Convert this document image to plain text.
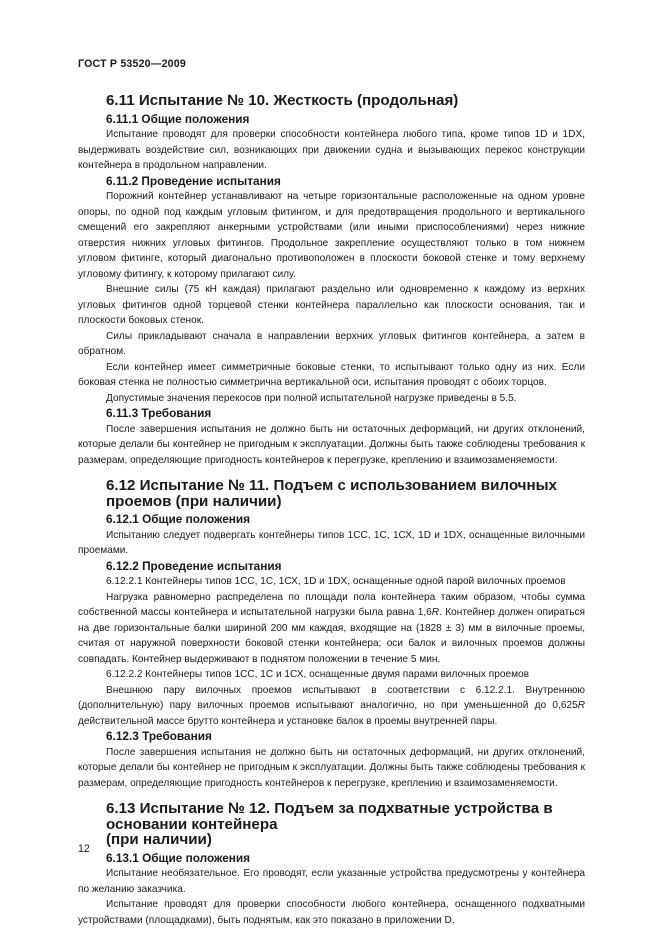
ГОСТ Р 53520—2009

6.11 Испытание № 10. Жесткость (продольная)
6.11.1 Общие положения

Испытание проводят для проверки способности контейнера любого типа, кроме типов 1D и 1DX, выдерживать воздействие сил, возникающих при движении судна и вызывающих перекос конструкции контейнера в продольном направлении.

6.11.2 Проведение испытания

Порожний контейнер устанавливают на четыре горизонтальные расположенные на одном уровне опоры, по одной под каждым угловым фитингом, и для предотвращения продольного и вертикального смещений его закрепляют анкерными устройствами (или иными приспособлениями) через нижние отверстия нижних угловых фитингов. Продольное закрепление осуществляют только в том нижнем угловом фитинге, который диагонально противоположен в плоскости боковой стенке и тому верхнему угловому фитингу, к которому прилагают силу.

Внешние силы (75 кН каждая) прилагают раздельно или одновременно к каждому из верхних угловых фитингов одной торцевой стенки контейнера параллельно как плоскости основания, так и плоскости боковых стенок.

Силы прикладывают сначала в направлении верхних угловых фитингов контейнера, а затем в обратном.

Если контейнер имеет симметричные боковые стенки, то испытывают только одну из них. Если боковая стенка не полностью симметрична вертикальной оси, испытания проводят с обоих торцов.

Допустимые значения перекосов при полной испытательной нагрузке приведены в 5.5.

6.11.3 Требования

После завершения испытания не должно быть ни остаточных деформаций, ни других отклонений, которые делали бы контейнер не пригодным к эксплуатации. Должны быть также соблюдены требования к размерам, определяющие пригодность контейнеров к перегрузке, креплению и взаимозаменяемости.

6.12 Испытание № 11. Подъем с использованием вилочных проемов (при наличии)
6.12.1 Общие положения

Испытанию следует подвергать контейнеры типов 1СС, 1С, 1СХ, 1D и 1DX, оснащенные вилочными проемами.

6.12.2 Проведение испытания

6.12.2.1 Контейнеры типов 1СС, 1С, 1СХ, 1D и 1DX, оснащенные одной парой вилочных проемов

Нагрузка равномерно распределена по площади пола контейнера таким образом, чтобы сумма собственной массы контейнера и испытательной нагрузки была равна 1,6R. Контейнер должен опираться на две горизонтальные балки шириной 200 мм каждая, входящие на (1828 ± 3) мм в вилочные проемы, считая от наружной поверхности боковой стенки контейнера; оси балок и вилочных проемов должны совпадать. Контейнер выдерживают в поднятом положении в течение 5 мин.

6.12.2.2 Контейнеры типов 1СС, 1С и 1СХ, оснащенные двумя парами вилочных проемов

Внешнюю пару вилочных проемов испытывают в соответствии с 6.12.2.1. Внутреннюю (дополнительную) пару вилочных проемов испытывают аналогично, но при уменьшенной до 0,625R действительной массе брутто контейнера и установке балок в проемы внутренней пары.

6.12.3 Требования

После завершения испытания не должно быть ни остаточных деформаций, ни других отклонений, которые делали бы контейнер не пригодным к эксплуатации. Должны быть также соблюдены требования к размерам, определяющие пригодность контейнеров к перегрузке, креплению и взаимозаменяемости.

6.13 Испытание № 12. Подъем за подхватные устройства в основании контейнера
(при наличии)
6.13.1 Общие положения

Испытание необязательное. Его проводят, если указанные устройства предусмотрены у контейнера по желанию заказчика.

Испытание проводят для проверки способности любого контейнера, оснащенного подхватными устройствами (площадками), быть поднятым, как это показано в приложении D.

12
